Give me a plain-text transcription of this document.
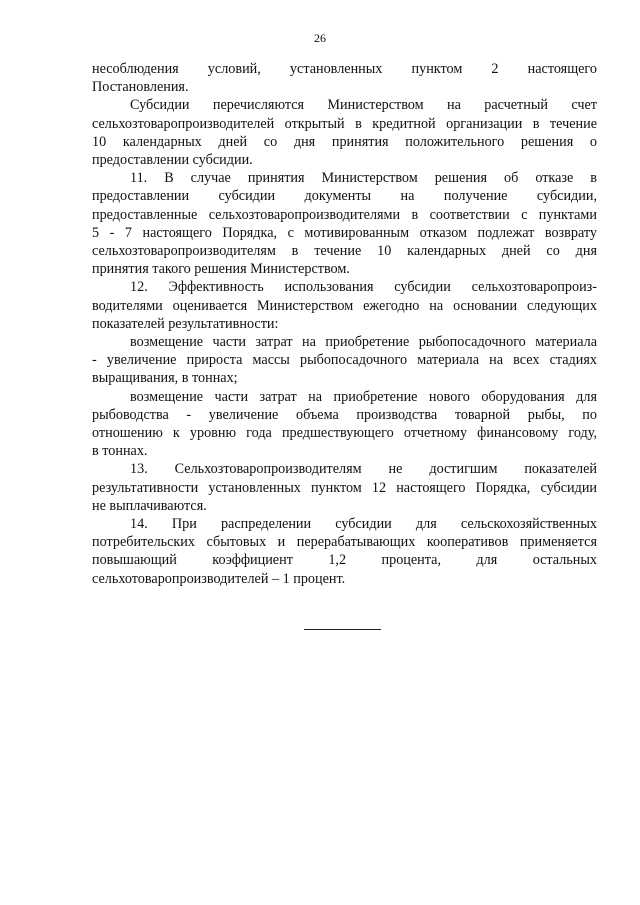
26
несоблюдения условий, установленных пунктом 2 настоящего
Постановления.
Субсидии перечисляются Министерством на расчетный счет
сельхозтоваропроизводителей открытый в кредитной организации в течение
10 календарных дней со дня принятия положительного решения о
предоставлении субсидии.
11. В случае принятия Министерством решения об отказе в
предоставлении субсидии документы на получение субсидии,
предоставленные сельхозтоваропроизводителями в соответствии с пунктами
5 - 7 настоящего Порядка, с мотивированным отказом подлежат возврату
сельхозтоваропроизводителям в течение 10 календарных дней со дня
принятия такого решения Министерством.
12. Эффективность использования субсидии сельхозтоваропроиз-
водителями оценивается Министерством ежегодно на основании следующих
показателей результативности:
возмещение части затрат на приобретение рыбопосадочного материала
- увеличение прироста массы рыбопосадочного материала на всех стадиях
выращивания, в тоннах;
возмещение части затрат на приобретение нового оборудования для
рыбоводства - увеличение объема производства товарной рыбы, по
отношению к уровню года предшествующего отчетному финансовому году,
в тоннах.
13. Сельхозтоваропроизводителям не достигшим показателей
результативности установленных пунктом 12 настоящего Порядка, субсидии
не выплачиваются.
14. При распределении субсидии для сельскохозяйственных
потребительских сбытовых и перерабатывающих кооперативов применяется
повышающий коэффициент 1,2 процента, для остальных
сельхотоваропроизводителей – 1 процент.
